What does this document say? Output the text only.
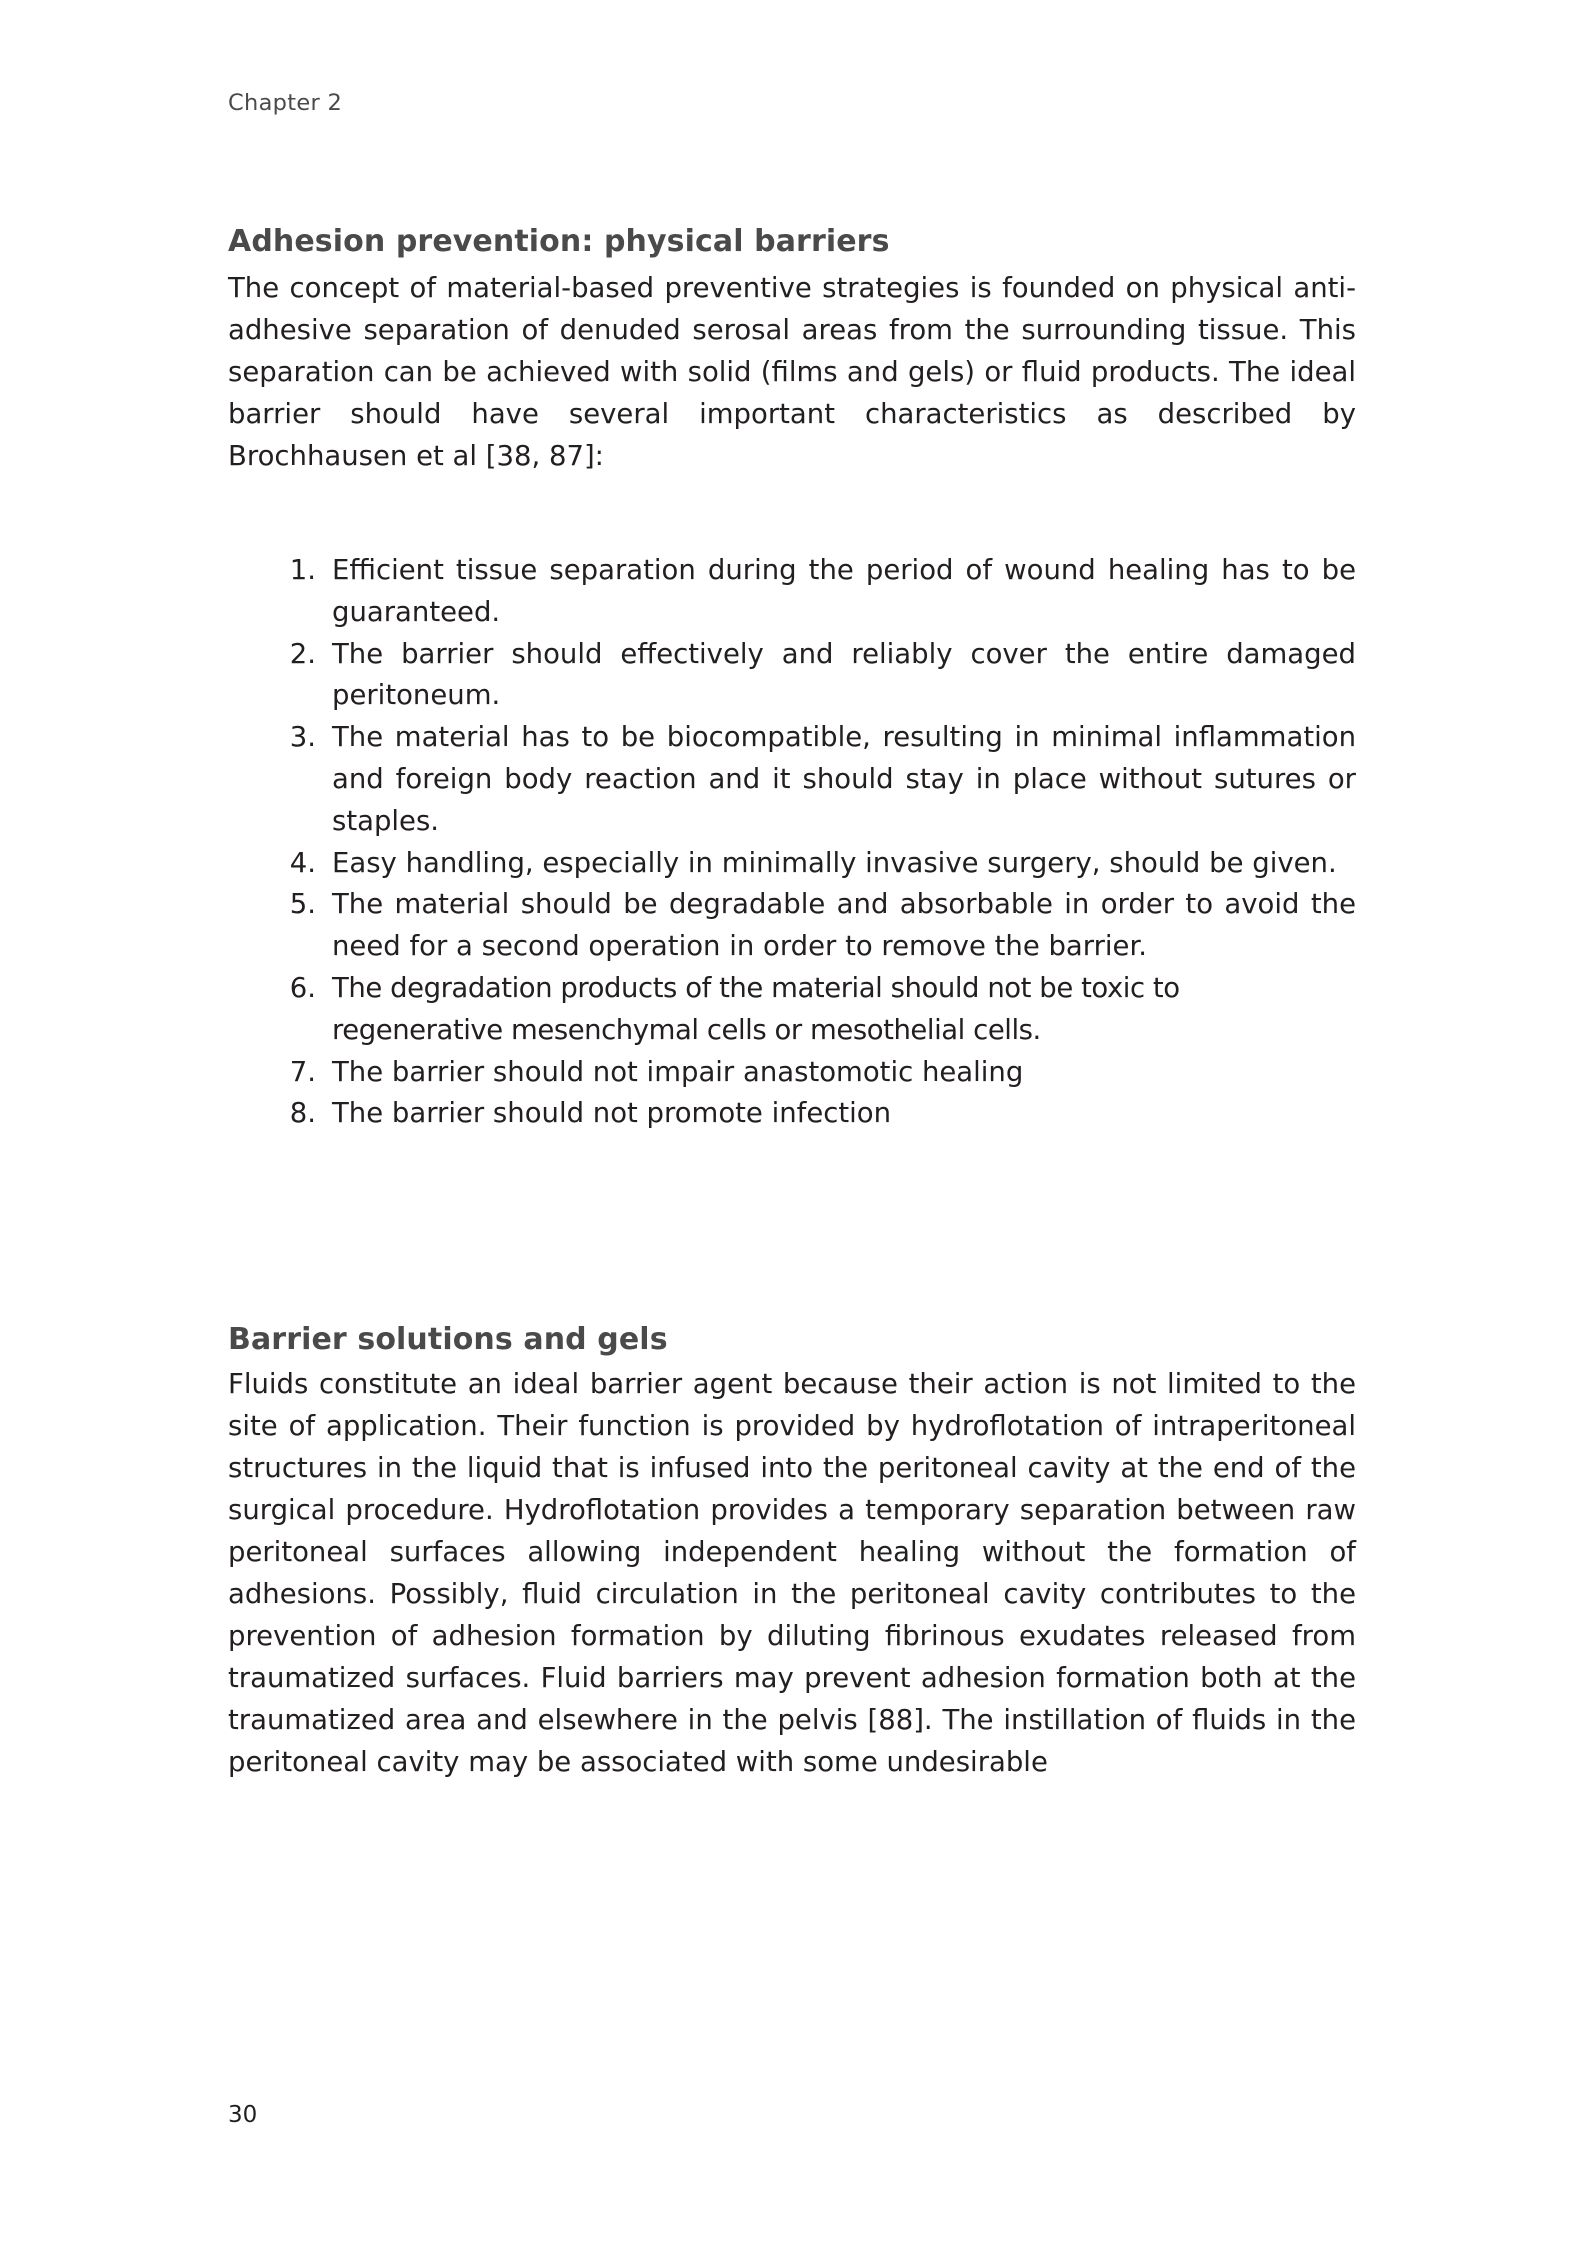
Chapter 2
Adhesion prevention: physical barriers

The concept of material-based preventive strategies is founded on physical anti-adhesive separation of denuded serosal areas from the surrounding tissue. This separation can be achieved with solid (films and gels) or fluid products. The ideal barrier should have several important characteristics as described by Brochhausen et al [38, 87]:

1. Efficient tissue separation during the period of wound healing has to be guaranteed.
2. The barrier should effectively and reliably cover the entire damaged peritoneum.
3. The material has to be biocompatible, resulting in minimal inflammation and foreign body reaction and it should stay in place without sutures or staples.
4. Easy handling, especially in minimally invasive surgery, should be given.
5. The material should be degradable and absorbable in order to avoid the need for a second operation in order to remove the barrier.
6. The degradation products of the material should not be toxic to regenerative mesenchymal cells or mesothelial cells.
7. The barrier should not impair anastomotic healing
8. The barrier should not promote infection
Barrier solutions and gels

Fluids constitute an ideal barrier agent because their action is not limited to the site of application. Their function is provided by hydroflotation of intraperitoneal structures in the liquid that is infused into the peritoneal cavity at the end of the surgical procedure. Hydroflotation provides a temporary separation between raw peritoneal surfaces allowing independent healing without the formation of adhesions. Possibly, fluid circulation in the peritoneal cavity contributes to the prevention of adhesion formation by diluting fibrinous exudates released from traumatized surfaces. Fluid barriers may prevent adhesion formation both at the traumatized area and elsewhere in the pelvis [88]. The instillation of fluids in the peritoneal cavity may be associated with some undesirable

30
